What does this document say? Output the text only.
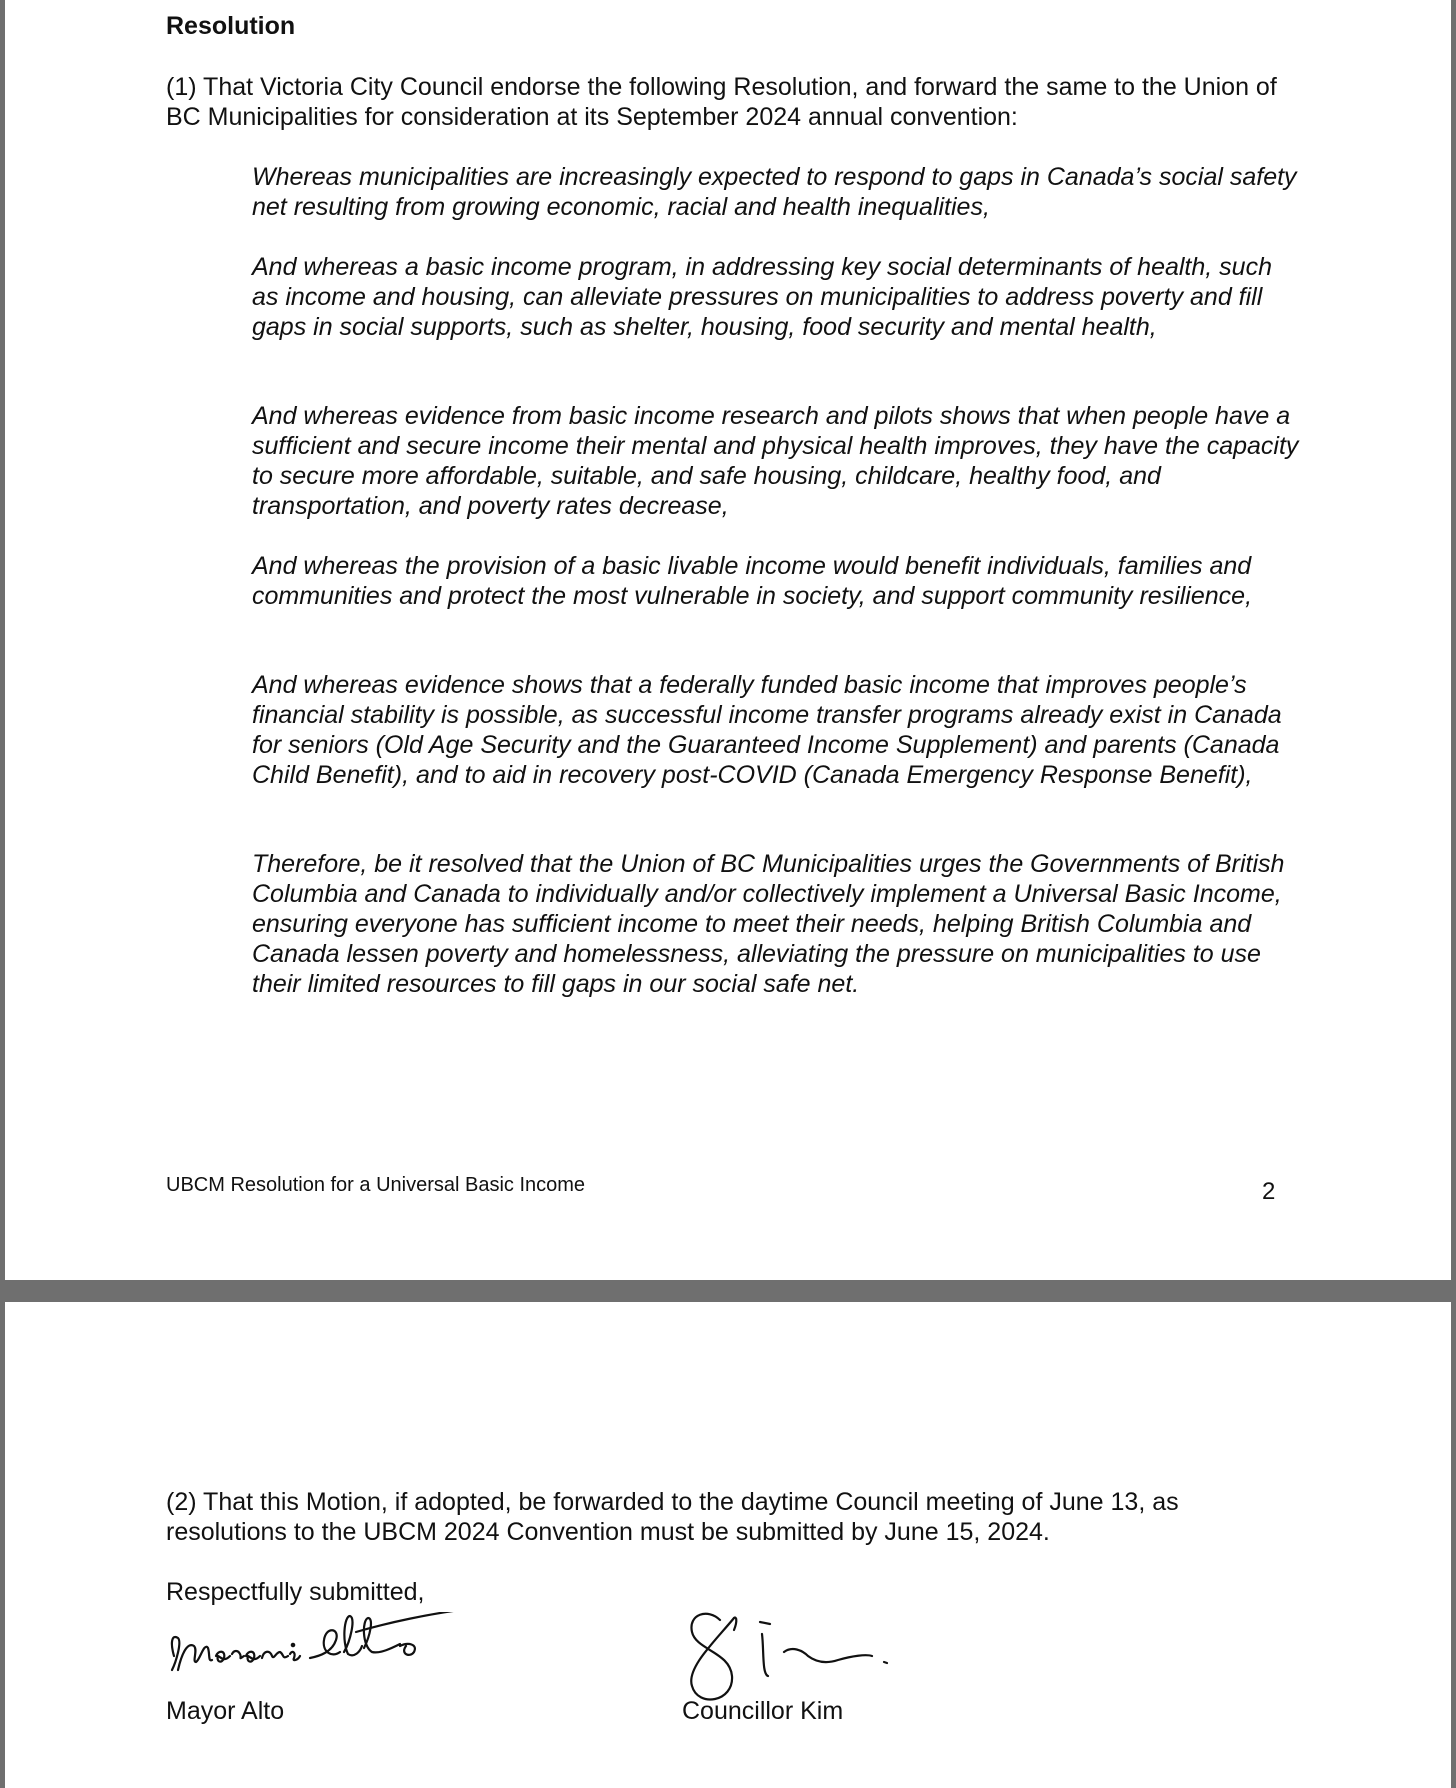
Resolution

(1) That Victoria City Council endorse the following Resolution, and forward the same to the Union of BC Municipalities for consideration at its September 2024 annual convention:

Whereas municipalities are increasingly expected to respond to gaps in Canada’s social safety net resulting from growing economic, racial and health inequalities,

And whereas a basic income program, in addressing key social determinants of health, such as income and housing, can alleviate pressures on municipalities to address poverty and fill gaps in social supports, such as shelter, housing, food security and mental health,

And whereas evidence from basic income research and pilots shows that when people have a sufficient and secure income their mental and physical health improves, they have the capacity to secure more affordable, suitable, and safe housing, childcare, healthy food, and transportation, and poverty rates decrease,

And whereas the provision of a basic livable income would benefit individuals, families and communities and protect the most vulnerable in society, and support community resilience,

And whereas evidence shows that a federally funded basic income that improves people’s financial stability is possible, as successful income transfer programs already exist in Canada for seniors (Old Age Security and the Guaranteed Income Supplement) and parents (Canada Child Benefit), and to aid in recovery post-COVID (Canada Emergency Response Benefit),

Therefore, be it resolved that the Union of BC Municipalities urges the Governments of British Columbia and Canada to individually and/or collectively implement a Universal Basic Income, ensuring everyone has sufficient income to meet their needs, helping British Columbia and Canada lessen poverty and homelessness, alleviating the pressure on municipalities to use their limited resources to fill gaps in our social safe net.

UBCM Resolution for a Universal Basic Income	2

(2) That this Motion, if adopted, be forwarded to the daytime Council meeting of June 13, as resolutions to the UBCM 2024 Convention must be submitted by June 15, 2024.

Respectfully submitted,
Mayor Alto	Councillor Kim
